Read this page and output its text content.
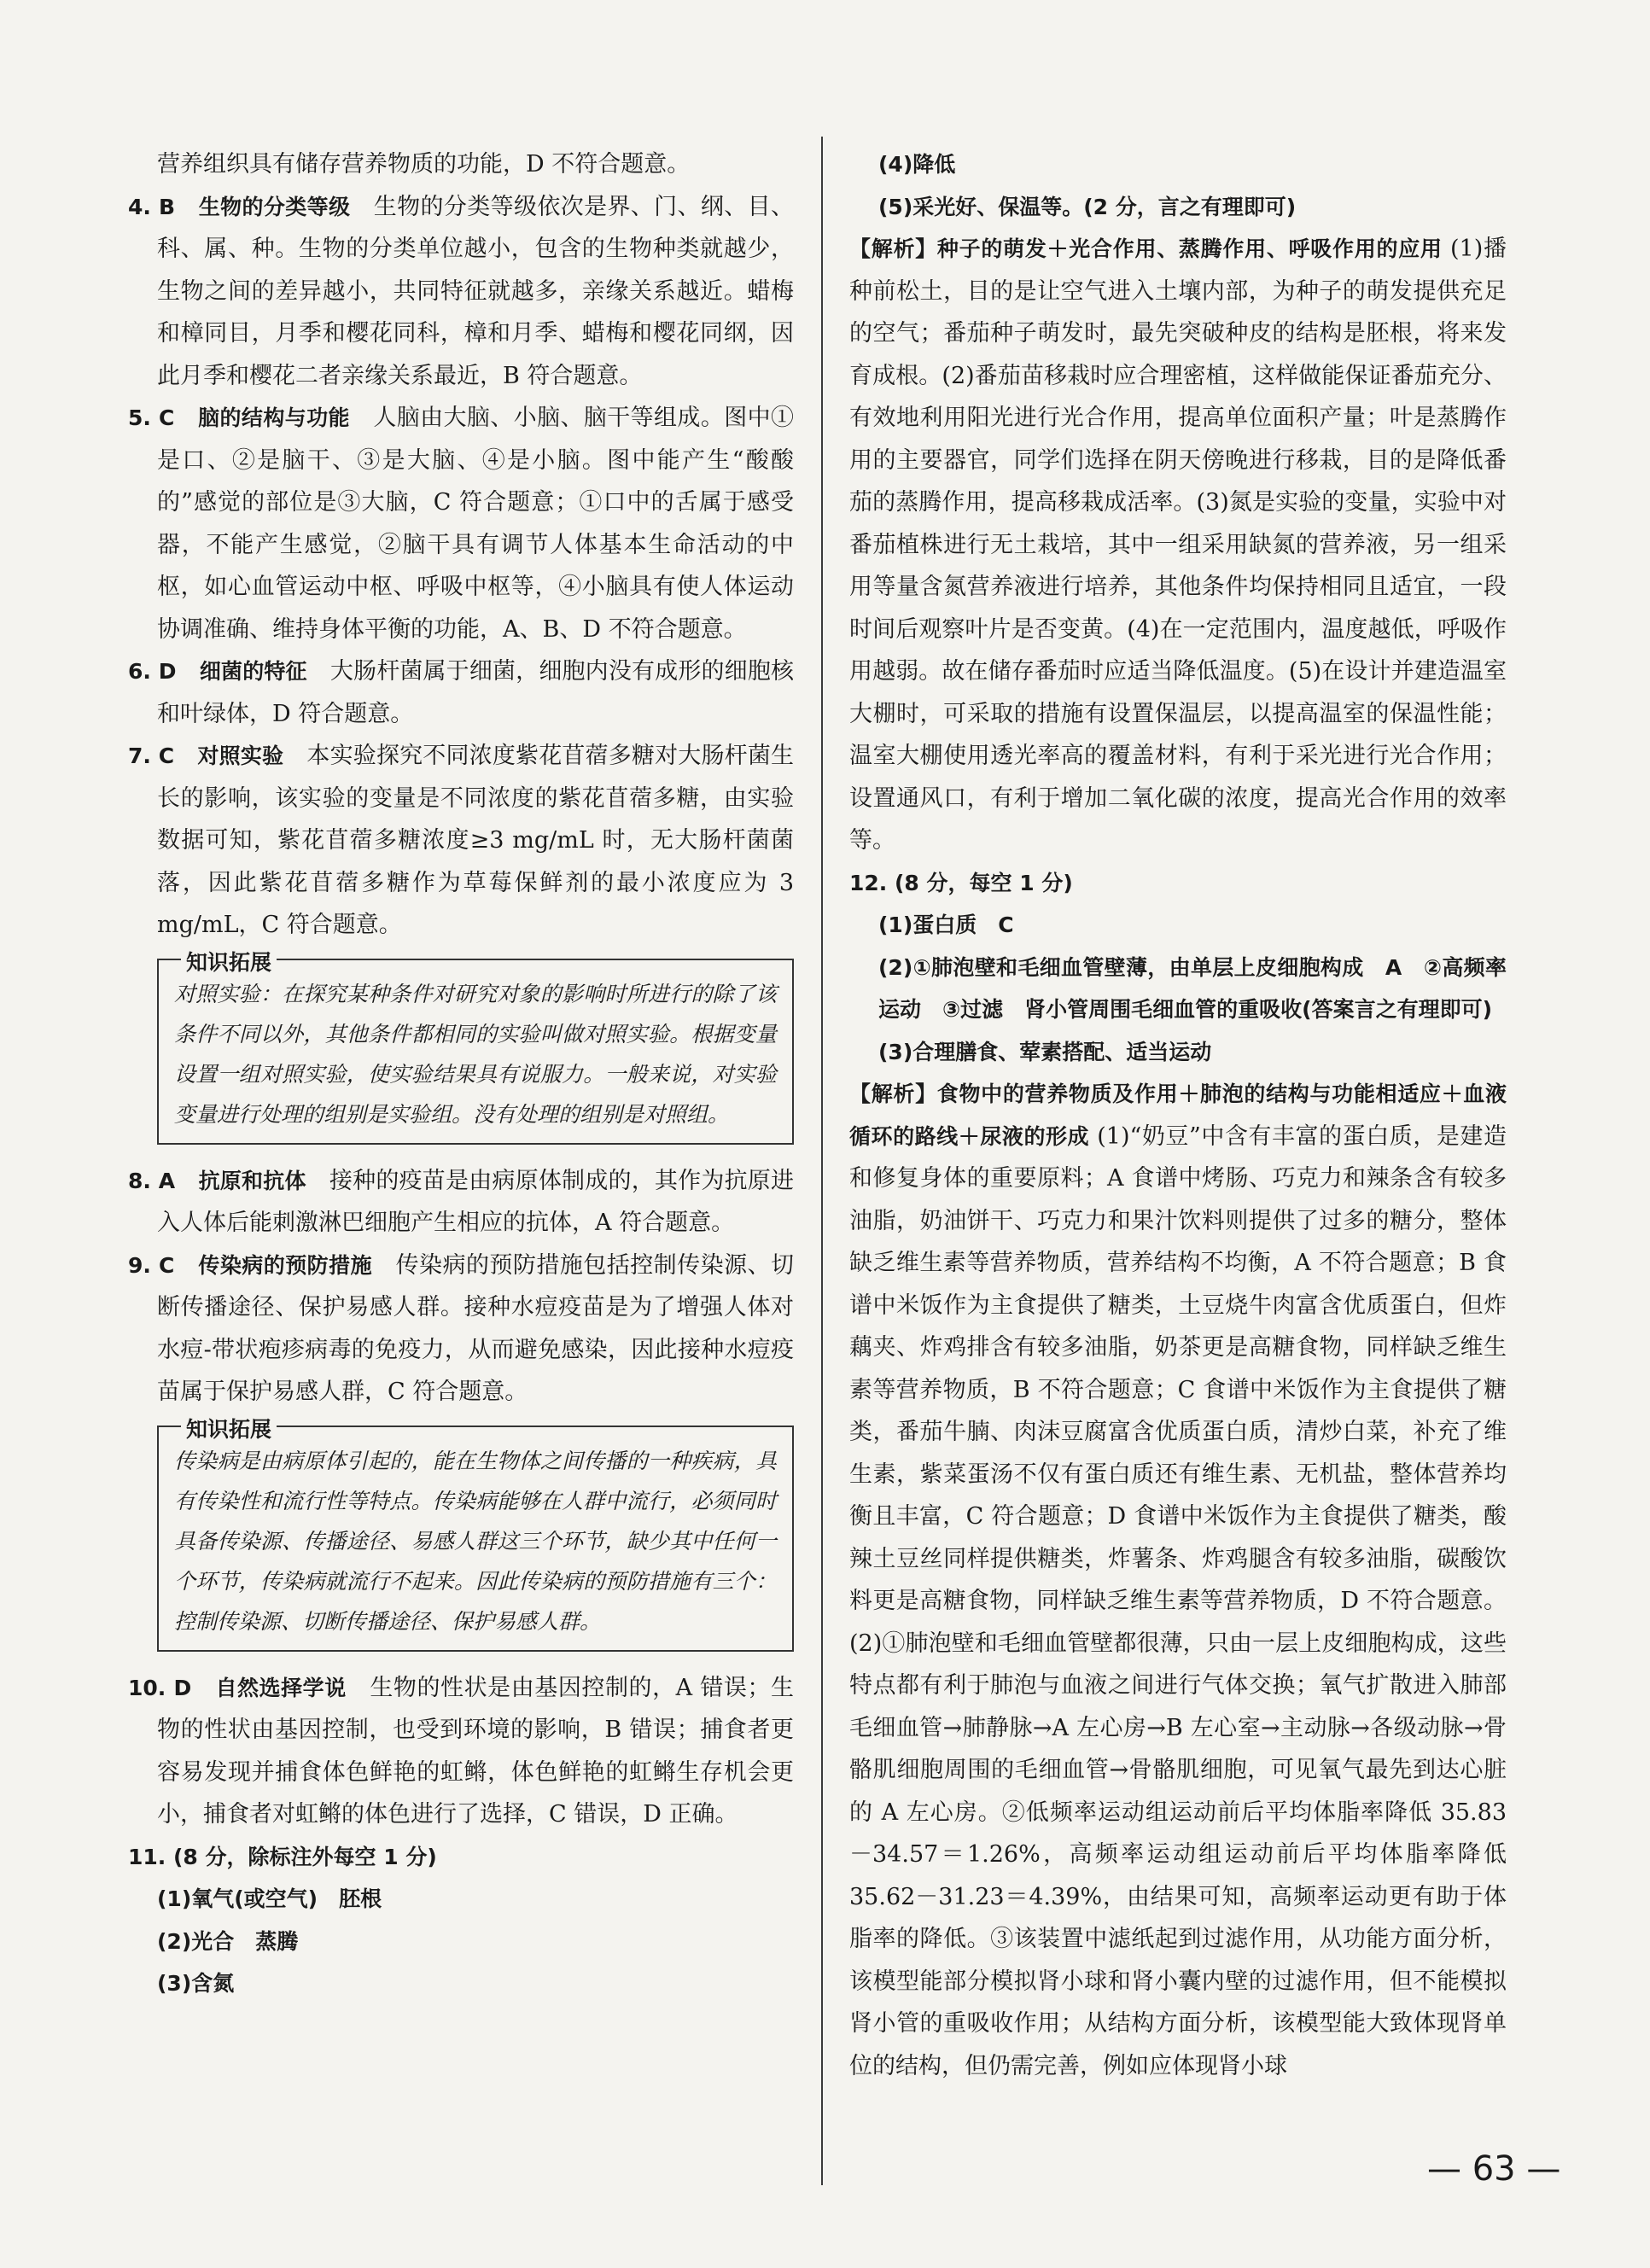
营养组织具有储存营养物质的功能，D 不符合题意。

4. B　 生物的分类等级　 生物的分类等级依次是界、门、纲、目、科、属、种。生物的分类单位越小，包含的生物种类就越少，生物之间的差异越小，共同特征就越多，亲缘关系越近。蜡梅和樟同目，月季和樱花同科，樟和月季、蜡梅和樱花同纲，因此月季和樱花二者亲缘关系最近，B 符合题意。

5. C　 脑的结构与功能　 人脑由大脑、小脑、脑干等组成。图中①是口、②是脑干、③是大脑、④是小脑。图中能产生“酸酸的”感觉的部位是③大脑，C 符合题意；①口中的舌属于感受器，不能产生感觉，②脑干具有调节人体基本生命活动的中枢，如心血管运动中枢、呼吸中枢等，④小脑具有使人体运动协调准确、维持身体平衡的功能，A、B、D 不符合题意。

6. D　 细菌的特征　 大肠杆菌属于细菌，细胞内没有成形的细胞核和叶绿体，D 符合题意。

7. C　 对照实验　 本实验探究不同浓度紫花苜蓿多糖对大肠杆菌生长的影响，该实验的变量是不同浓度的紫花苜蓿多糖，由实验数据可知，紫花苜蓿多糖浓度≥3 mg/mL 时，无大肠杆菌菌落，因此紫花苜蓿多糖作为草莓保鲜剂的最小浓度应为 3 mg/mL，C 符合题意。

知识拓展

对照实验：在探究某种条件对研究对象的影响时所进行的除了该条件不同以外，其他条件都相同的实验叫做对照实验。根据变量设置一组对照实验，使实验结果具有说服力。一般来说，对实验变量进行处理的组别是实验组。没有处理的组别是对照组。

8. A　 抗原和抗体　 接种的疫苗是由病原体制成的，其作为抗原进入人体后能刺激淋巴细胞产生相应的抗体，A 符合题意。

9. C　 传染病的预防措施　 传染病的预防措施包括控制传染源、切断传播途径、保护易感人群。接种水痘疫苗是为了增强人体对水痘-带状疱疹病毒的免疫力，从而避免感染，因此接种水痘疫苗属于保护易感人群，C 符合题意。

知识拓展

传染病是由病原体引起的，能在生物体之间传播的一种疾病，具有传染性和流行性等特点。传染病能够在人群中流行，必须同时具备传染源、传播途径、易感人群这三个环节，缺少其中任何一个环节，传染病就流行不起来。因此传染病的预防措施有三个：控制传染源、切断传播途径、保护易感人群。

10. D　 自然选择学说　 生物的性状是由基因控制的，A 错误；生物的性状由基因控制，也受到环境的影响，B 错误；捕食者更容易发现并捕食体色鲜艳的虹鳉，体色鲜艳的虹鳉生存机会更小，捕食者对虹鳉的体色进行了选择，C 错误，D 正确。

11. (8 分，除标注外每空 1 分)

(1)氧气(或空气)　胚根

(2)光合　蒸腾

(3)含氮

(4)降低

(5)采光好、保温等。(2 分，言之有理即可)

【解析】种子的萌发＋光合作用、蒸腾作用、呼吸作用的应用 (1)播种前松土，目的是让空气进入土壤内部，为种子的萌发提供充足的空气；番茄种子萌发时，最先突破种皮的结构是胚根，将来发育成根。(2)番茄苗移栽时应合理密植，这样做能保证番茄充分、有效地利用阳光进行光合作用，提高单位面积产量；叶是蒸腾作用的主要器官，同学们选择在阴天傍晚进行移栽，目的是降低番茄的蒸腾作用，提高移栽成活率。(3)氮是实验的变量，实验中对番茄植株进行无土栽培，其中一组采用缺氮的营养液，另一组采用等量含氮营养液进行培养，其他条件均保持相同且适宜，一段时间后观察叶片是否变黄。(4)在一定范围内，温度越低，呼吸作用越弱。故在储存番茄时应适当降低温度。(5)在设计并建造温室大棚时，可采取的措施有设置保温层，以提高温室的保温性能；温室大棚使用透光率高的覆盖材料，有利于采光进行光合作用；设置通风口，有利于增加二氧化碳的浓度，提高光合作用的效率等。

12. (8 分，每空 1 分)

(1)蛋白质　C

(2)①肺泡壁和毛细血管壁薄，由单层上皮细胞构成　A　②高频率运动　③过滤　肾小管周围毛细血管的重吸收(答案言之有理即可)

(3)合理膳食、荤素搭配、适当运动

【解析】食物中的营养物质及作用＋肺泡的结构与功能相适应＋血液循环的路线＋尿液的形成 (1)“奶豆”中含有丰富的蛋白质，是建造和修复身体的重要原料；A 食谱中烤肠、巧克力和辣条含有较多油脂，奶油饼干、巧克力和果汁饮料则提供了过多的糖分，整体缺乏维生素等营养物质，营养结构不均衡，A 不符合题意；B 食谱中米饭作为主食提供了糖类，土豆烧牛肉富含优质蛋白，但炸藕夹、炸鸡排含有较多油脂，奶茶更是高糖食物，同样缺乏维生素等营养物质，B 不符合题意；C 食谱中米饭作为主食提供了糖类，番茄牛腩、肉沫豆腐富含优质蛋白质，清炒白菜，补充了维生素，紫菜蛋汤不仅有蛋白质还有维生素、无机盐，整体营养均衡且丰富，C 符合题意；D 食谱中米饭作为主食提供了糖类，酸辣土豆丝同样提供糖类，炸薯条、炸鸡腿含有较多油脂，碳酸饮料更是高糖食物，同样缺乏维生素等营养物质，D 不符合题意。(2)①肺泡壁和毛细血管壁都很薄，只由一层上皮细胞构成，这些特点都有利于肺泡与血液之间进行气体交换；氧气扩散进入肺部毛细血管→肺静脉→A 左心房→B 左心室→主动脉→各级动脉→骨骼肌细胞周围的毛细血管→骨骼肌细胞，可见氧气最先到达心脏的 A 左心房。②低频率运动组运动前后平均体脂率降低 35.83－34.57＝1.26%，高频率运动组运动前后平均体脂率降低 35.62－31.23＝4.39%，由结果可知，高频率运动更有助于体脂率的降低。③该装置中滤纸起到过滤作用，从功能方面分析，该模型能部分模拟肾小球和肾小囊内壁的过滤作用，但不能模拟肾小管的重吸收作用；从结构方面分析，该模型能大致体现肾单位的结构，但仍需完善，例如应体现肾小球

— 63 —
